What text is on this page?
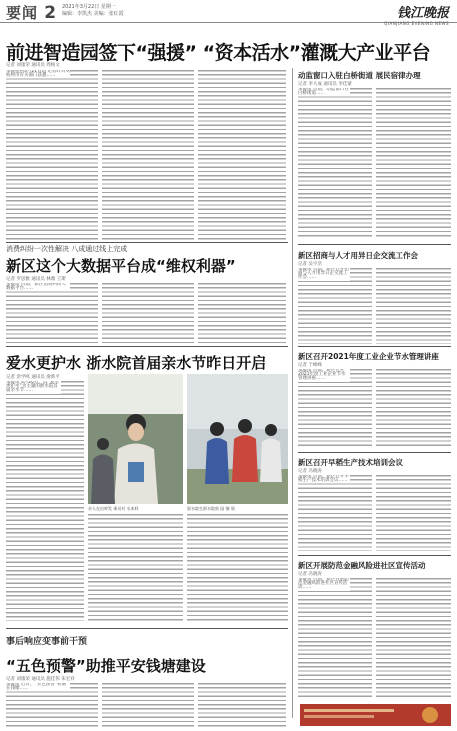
要闻 2 2021年3月22日 星期一
编辑：李凯杰 美编：张红霞	钱江晚报
QIANJIANG EVENING NEWS
前进智造园签下“强援” “资本活水”灌溉大产业平台
记者 刘康荣 通讯员 周杨文
本报杭州3月21日讯 记者昨日从杭州市有关部门获悉……	动监窗口入驻白桥街道 展民宿律办理
记者 李大成 通讯员 李佳蒙
本报讯 日前，动监窗口在白桥街道……
消费纠纷一次性解决 八成通过线上完成
新区这个大数据平台成“维权利器”
记者 罗思雅 通讯员 林薇 王斯
本报讯 日前，新区消费纠纷大数据平台……
新区招商与人才用异日企交流工作会
记者 吴宇浩
本报讯 日前，新区召开招商与人才用异日企交流工作会……
爱水更护水 浙水院首届亲水节昨日开启
记者 余学鸣 通讯员 俞新平
本报讯 3月20日，以“爱水更护水”为主题的浙水院首届亲水节……
亲人在出库发 乘员对 水本样	浙水院在浙水院前 园 摘 展
新区召开2021年度工业企业节水管理讲座
记者 于峰峰
本报讯 日前，新区召开2021年度工业企业节水管理讲座……
新区召开早稻生产技术培训会议
记者 冯晓涛
本报讯 日前，新区召开早稻生产技术培训会议……
新区开展防范金融风险进社区宣传活动
记者 冯晓涛
本报讯 日前，新区开展防范金融风险进社区宣传活动……
事后响应变事前干预
“五色预警”助推平安钱塘建设
记者 刘康荣 通讯员 施佳伟 朱宏祥
本报讯 近日，“五色预警”机制在钱塘……
